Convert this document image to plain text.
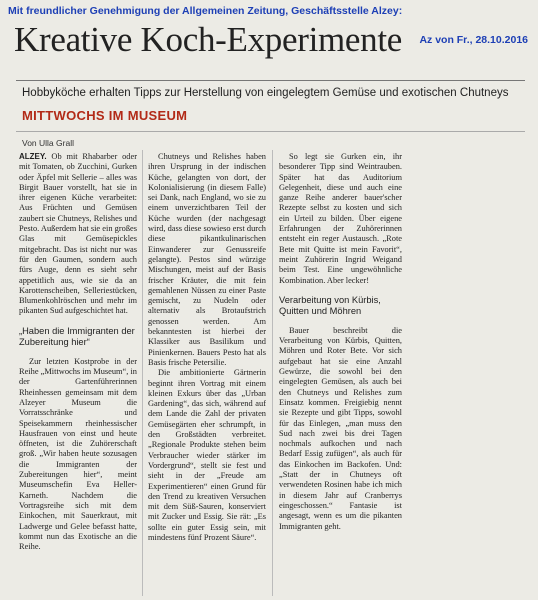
Mit freundlicher Genehmigung der Allgemeinen Zeitung, Geschäftsstelle Alzey:
Kreative Koch-Experimente Az von Fr., 28.10.2016
Hobbyköche erhalten Tipps zur Herstellung von eingelegtem Gemüse und exotischen Chutneys
MITTWOCHS IM MUSEUM
Von Ulla Grall

ALZEY. Ob mit Rhabarber oder mit Tomaten, ob Zucchini, Gurken oder Äpfel mit Sellerie – alles was Birgit Bauer vorstellt, hat sie in ihrer eigenen Küche verarbeitet: Aus Früchten und Gemüsen zaubert sie Chutneys, Relishes und Pesto. Außerdem hat sie ein großes Glas mit Gemüsepickles mitgebracht. Das ist nicht nur was für den Gaumen, sondern auch fürs Auge, denn es sieht sehr appetitlich aus, wie sie da an Karottenscheiben, Selleriestücken, Blumenkohlröschen und mehr im pikanten Sud aufgeschichtet hat.

„Haben die Immigranten der Zubereitung hier“

Zur letzten Kostprobe in der Reihe „Mittwochs im Museum“, in der Gartenführerinnen Rheinhessen gemeinsam mit dem Alzeyer Museum die Vorratsschränke und Speisekammern rheinhessischer Hausfrauen von einst und heute öffneten, ist die Zuhörerschaft groß. „Wir haben heute sozusagen die Immigranten der Zubereitungen hier“, meint Museumschefin Eva Heller-Karneth. Nachdem die Vortragsreihe sich mit dem Einkochen, mit Sauerkraut, mit Ladwerge und Gelee befasst hatte, kommt nun das Exotische an die Reihe.

Chutneys und Relishes haben ihren Ursprung in der indischen Küche, gelangten von dort, der Kolonialisierung (in diesem Falle) sei Dank, nach England, wo sie zu einem unverzichtbaren Teil der Küche wurden (der nachgesagt wird, dass diese sowieso erst durch diese pikantkulinarischen Einwanderer zur Genussreife gelangte). Pestos sind würzige Mischungen, meist auf der Basis frischer Kräuter, die mit fein gemahlenen Nüssen zu einer Paste gemischt, zu Nudeln oder alternativ als Brotaufstrich genossen werden. Am bekanntesten ist hierbei der Klassiker aus Basilikum und Pinienkernen. Bauers Pesto hat als Basis frische Petersilie.

Die ambitionierte Gärtnerin beginnt ihren Vortrag mit einem kleinen Exkurs über das „Urban Gardening“, das sich, während auf dem Lande die Zahl der privaten Gemüsegärten eher schrumpft, in den Großstädten verbreitet. „Regionale Produkte stehen beim Verbraucher wieder stärker im Vordergrund“, stellt sie fest und sieht in der „Freude am Experimentieren“ einen Grund für den Trend zu kreativen Versuchen mit dem Süß-Sauren, konserviert mit Zucker und Essig. Sie rät: „Es sollte ein guter Essig sein, mit mindestens fünf Prozent Säure“.

So legt sie Gurken ein, ihr besonderer Tipp sind Weintrauben. Später hat das Auditorium Gelegenheit, diese und auch eine ganze Reihe anderer bauer'scher Rezepte selbst zu kosten und sich ein Urteil zu bilden. Über eigene Erfahrungen der Zuhörerinnen entsteht ein reger Austausch. „Rote Bete mit Quitte ist mein Favorit“, meint Zuhörerin Ingrid Weigand beim Test. Eine ungewöhnliche Kombination. Aber lecker!

Verarbeitung von Kürbis, Quitten und Möhren

Bauer beschreibt die Verarbeitung von Kürbis, Quitten, Möhren und Roter Bete. Vor sich aufgebaut hat sie eine Anzahl Gewürze, die sowohl bei den eingelegten Gemüsen, als auch bei den Chutneys und Relishes zum Einsatz kommen. Freigiebig nennt sie Rezepte und gibt Tipps, sowohl für das Einlegen, „man muss den Sud nach zwei bis drei Tagen nochmals aufkochen und nach Bedarf Essig zufügen“, als auch für das Einkochen im Backofen. Und: „Statt der in Chutneys oft verwendeten Rosinen habe ich mich in diesem Jahr auf Cranberrys eingeschossen.“ Fantasie ist angesagt, wenn es um die pikanten Immigranten geht.
